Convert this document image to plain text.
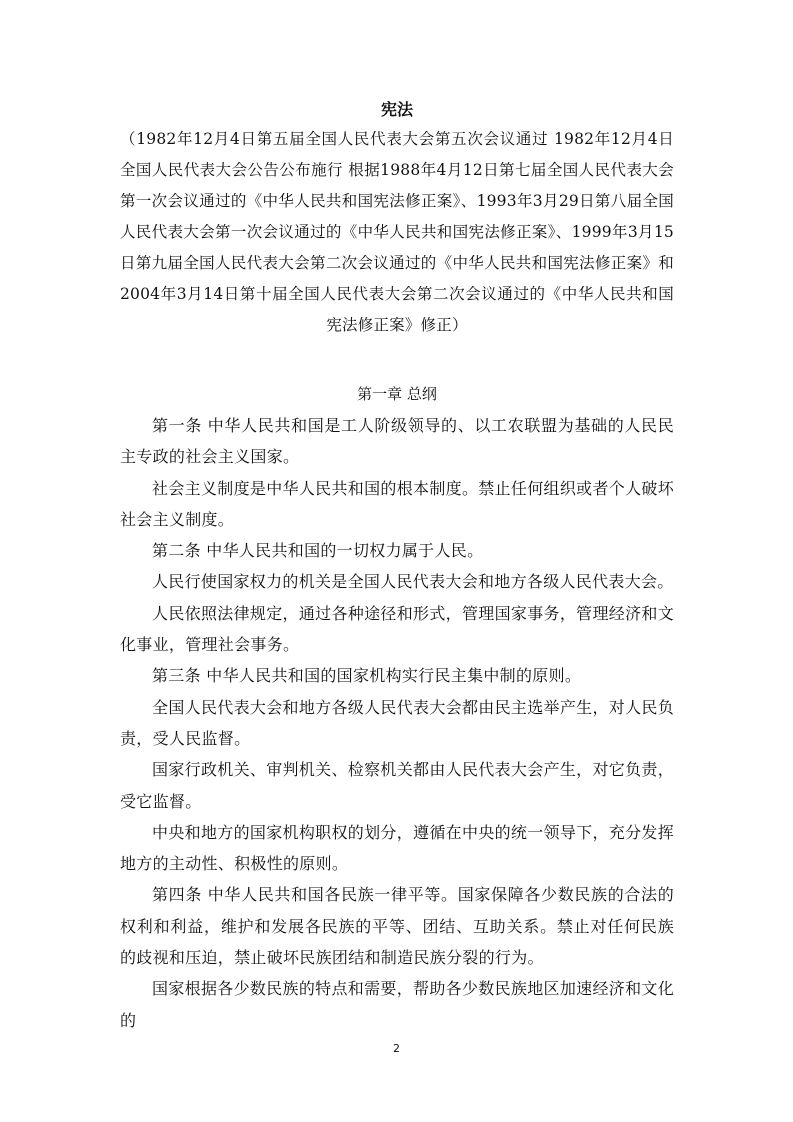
宪法

（1982年12月4日第五届全国人民代表大会第五次会议通过 1982年12月4日全国人民代表大会公告公布施行 根据1988年4月12日第七届全国人民代表大会第一次会议通过的《中华人民共和国宪法修正案》、1993年3月29日第八届全国人民代表大会第一次会议通过的《中华人民共和国宪法修正案》、1999年3月15日第九届全国人民代表大会第二次会议通过的《中华人民共和国宪法修正案》和2004年3月14日第十届全国人民代表大会第二次会议通过的《中华人民共和国宪法修正案》修正）

第一章 总纲

第一条 中华人民共和国是工人阶级领导的、以工农联盟为基础的人民民主专政的社会主义国家。

社会主义制度是中华人民共和国的根本制度。禁止任何组织或者个人破坏社会主义制度。

第二条 中华人民共和国的一切权力属于人民。

人民行使国家权力的机关是全国人民代表大会和地方各级人民代表大会。

人民依照法律规定，通过各种途径和形式，管理国家事务，管理经济和文化事业，管理社会事务。

第三条 中华人民共和国的国家机构实行民主集中制的原则。

全国人民代表大会和地方各级人民代表大会都由民主选举产生，对人民负责，受人民监督。

国家行政机关、审判机关、检察机关都由人民代表大会产生，对它负责，受它监督。

中央和地方的国家机构职权的划分，遵循在中央的统一领导下，充分发挥地方的主动性、积极性的原则。

第四条 中华人民共和国各民族一律平等。国家保障各少数民族的合法的权利和利益，维护和发展各民族的平等、团结、互助关系。禁止对任何民族的歧视和压迫，禁止破坏民族团结和制造民族分裂的行为。

国家根据各少数民族的特点和需要，帮助各少数民族地区加速经济和文化的

2
